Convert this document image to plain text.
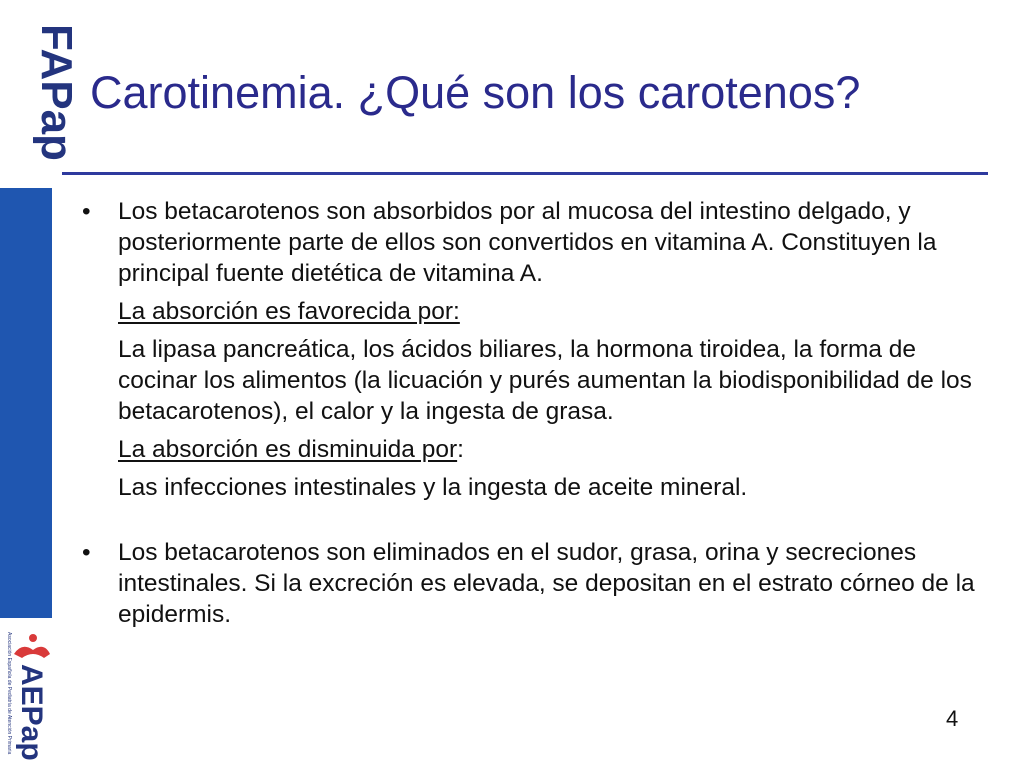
FAPap
Asociación Española de Pediatría de Atención Primaria AEPap
Carotinemia. ¿Qué son los carotenos?
• Los betacarotenos son absorbidos por al mucosa del intestino delgado, y posteriormente parte de ellos son convertidos en vitamina A. Constituyen la principal fuente dietética de vitamina A.

La absorción es favorecida por:

La lipasa pancreática, los ácidos biliares, la hormona tiroidea, la forma de cocinar los alimentos (la licuación y purés aumentan la biodisponibilidad de los betacarotenos), el calor y la ingesta de grasa.

La absorción es disminuida por:

Las infecciones intestinales y la ingesta de aceite mineral.

• Los betacarotenos son eliminados en el sudor, grasa, orina y secreciones intestinales. Si la excreción es elevada, se depositan en el estrato córneo de la epidermis.

4
